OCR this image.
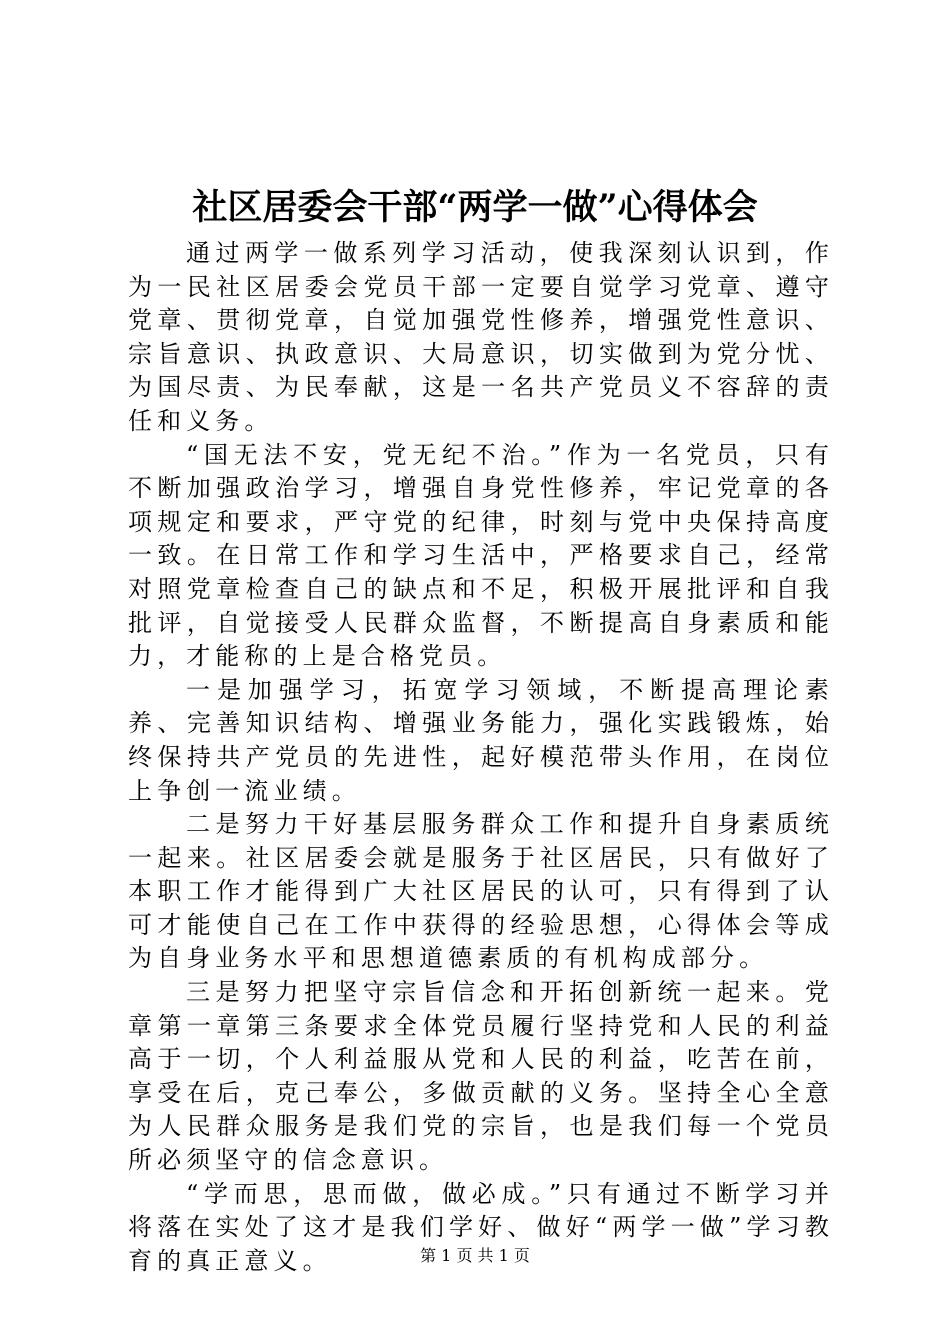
社区居委会干部“两学一做”心得体会

通过两学一做系列学习活动，使我深刻认识到，作为一民社区居委会党员干部一定要自觉学习党章、遵守党章、贯彻党章，自觉加强党性修养，增强党性意识、宗旨意识、执政意识、大局意识，切实做到为党分忧、为国尽责、为民奉献，这是一名共产党员义不容辞的责任和义务。

“国无法不安，党无纪不治。”作为一名党员，只有不断加强政治学习，增强自身党性修养，牢记党章的各项规定和要求，严守党的纪律，时刻与党中央保持高度一致。在日常工作和学习生活中，严格要求自己，经常对照党章检查自己的缺点和不足，积极开展批评和自我批评，自觉接受人民群众监督，不断提高自身素质和能力，才能称的上是合格党员。

一是加强学习，拓宽学习领域，不断提高理论素养、完善知识结构、增强业务能力，强化实践锻炼，始终保持共产党员的先进性，起好模范带头作用，在岗位上争创一流业绩。

二是努力干好基层服务群众工作和提升自身素质统一起来。社区居委会就是服务于社区居民，只有做好了本职工作才能得到广大社区居民的认可，只有得到了认可才能使自己在工作中获得的经验思想，心得体会等成为自身业务水平和思想道德素质的有机构成部分。

三是努力把坚守宗旨信念和开拓创新统一起来。党章第一章第三条要求全体党员履行坚持党和人民的利益高于一切，个人利益服从党和人民的利益，吃苦在前，享受在后，克己奉公，多做贡献的义务。坚持全心全意为人民群众服务是我们党的宗旨，也是我们每一个党员所必须坚守的信念意识。

“学而思，思而做，做必成。”只有通过不断学习并将落在实处了这才是我们学好、做好“两学一做”学习教育的真正意义。	第 1 页 共 1 页
